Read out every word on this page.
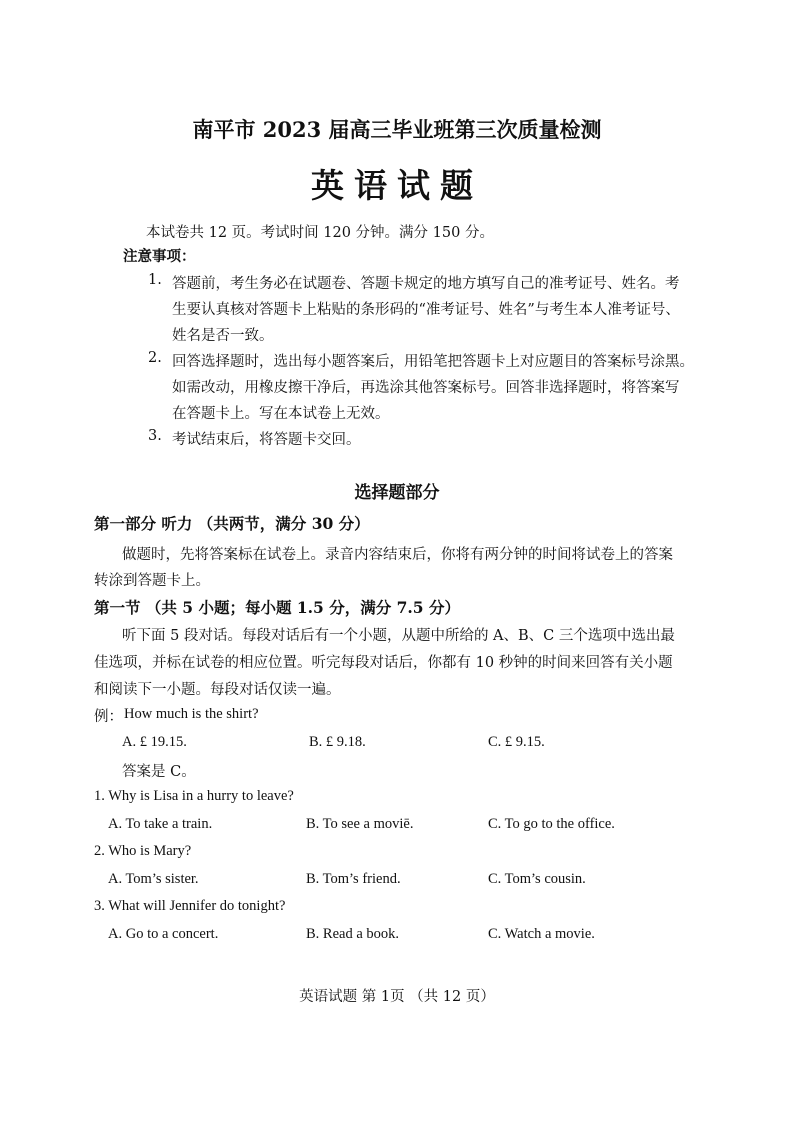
南平市 2023 届高三毕业班第三次质量检测
英语试题
本试卷共 12 页。考试时间 120 分钟。满分 150 分。
注意事项：
1. 答题前，考生务必在试题卷、答题卡规定的地方填写自己的准考证号、姓名。考
生要认真核对答题卡上粘贴的条形码的“准考证号、姓名”与考生本人准考证号、
姓名是否一致。
2. 回答选择题时，选出每小题答案后，用铅笔把答题卡上对应题目的答案标号涂黑。
如需改动，用橡皮擦干净后，再选涂其他答案标号。回答非选择题时，将答案写
在答题卡上。写在本试卷上无效。
3. 考试结束后，将答题卡交回。
选择题部分
第一部分 听力 （共两节，满分 30 分）
做题时，先将答案标在试卷上。录音内容结束后，你将有两分钟的时间将试卷上的答案
转涂到答题卡上。
第一节 （共 5 小题；每小题 1.5 分，满分 7.5 分）
听下面 5 段对话。每段对话后有一个小题，从题中所给的 A、B、C 三个选项中选出最
佳选项，并标在试卷的相应位置。听完每段对话后，你都有 10 秒钟的时间来回答有关小题
和阅读下一小题。每段对话仅读一遍。
例： How much is the shirt?
A. £ 19.15.	B. £ 9.18.	C. £ 9.15.
答案是 C。
1. Why is Lisa in a hurry to leave?
A. To take a train.	B. To see a moviē.	C. To go to the office.
2. Who is Mary?
A. Tom’s sister.	B. Tom’s friend.	C. Tom’s cousin.
3. What will Jennifer do tonight?
A. Go to a concert.	B. Read a book.	C. Watch a movie.
英语试题 第 1页 （共 12 页）
